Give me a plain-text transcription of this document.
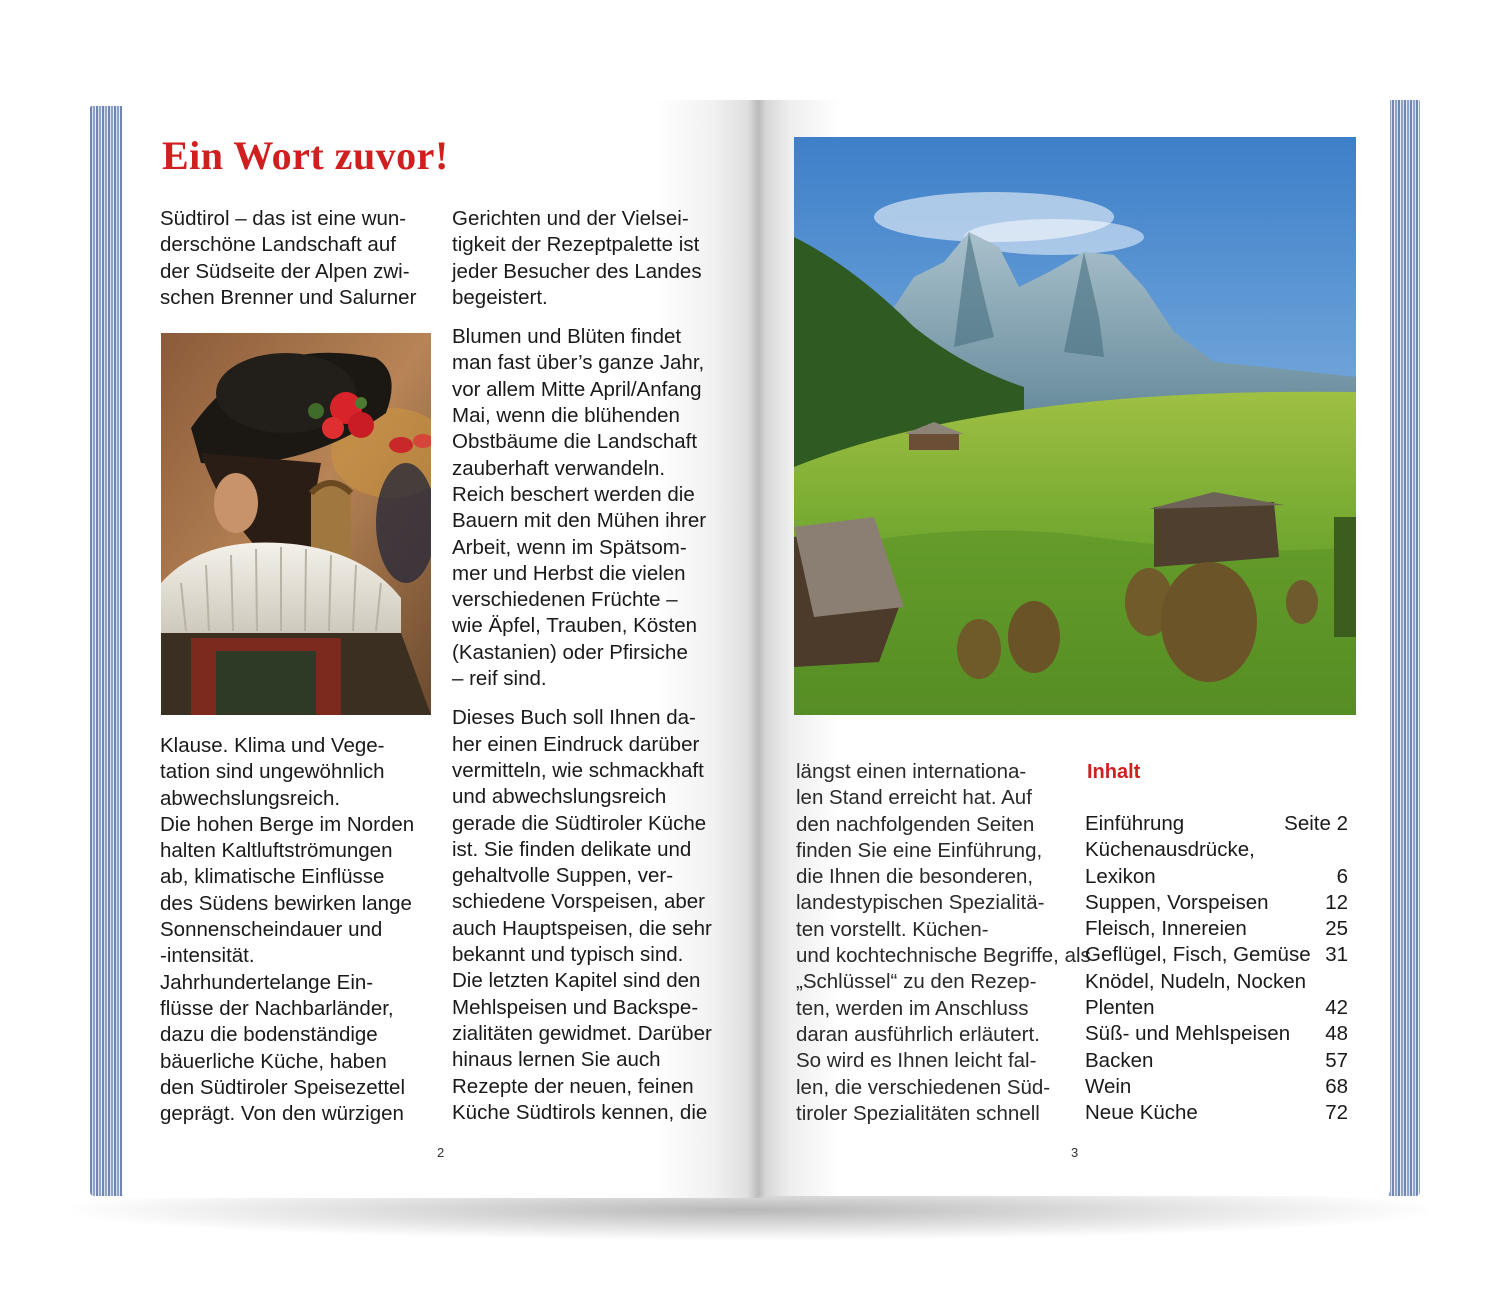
Ein Wort zuvor!
Südtirol – das ist eine wun-
derschöne Landschaft auf
der Südseite der Alpen zwi-
schen Brenner und Salurner
Klause. Klima und Vege-
tation sind ungewöhnlich
abwechslungsreich.
Die hohen Berge im Norden
halten Kaltluftströmungen
ab, klimatische Einflüsse
des Südens bewirken lange
Sonnenscheindauer und
-intensität.
Jahrhundertelange Ein-
flüsse der Nachbarländer,
dazu die bodenständige
bäuerliche Küche, haben
den Südtiroler Speisezettel
geprägt. Von den würzigen
Gerichten und der Vielsei-
tigkeit der Rezeptpalette ist
jeder Besucher des Landes
begeistert.
Blumen und Blüten findet
man fast über’s ganze Jahr,
vor allem Mitte April/Anfang
Mai, wenn die blühenden
Obstbäume die Landschaft
zauberhaft verwandeln.
Reich beschert werden die
Bauern mit den Mühen ihrer
Arbeit, wenn im Spätsom-
mer und Herbst die vielen
verschiedenen Früchte –
wie Äpfel, Trauben, Kösten
(Kastanien) oder Pfirsiche
– reif sind.
Dieses Buch soll Ihnen da-
her einen Eindruck darüber
vermitteln, wie schmackhaft
und abwechslungsreich
gerade die Südtiroler Küche
ist. Sie finden delikate und
gehaltvolle Suppen, ver-
schiedene Vorspeisen, aber
auch Hauptspeisen, die sehr
bekannt und typisch sind.
Die letzten Kapitel sind den
Mehlspeisen und Backspe-
zialitäten gewidmet. Darüber
hinaus lernen Sie auch
Rezepte der neuen, feinen
Küche Südtirols kennen, die
2
längst einen internationa-
len Stand erreicht hat. Auf
den nachfolgenden Seiten
finden Sie eine Einführung,
die Ihnen die besonderen,
landestypischen Spezialitä-
ten vorstellt. Küchen-
und kochtechnische Begriffe, als
„Schlüssel“ zu den Rezep-
ten, werden im Anschluss
daran ausführlich erläutert.
So wird es Ihnen leicht fal-
len, die verschiedenen Süd-
tiroler Spezialitäten schnell
Inhalt
Einführung	Seite 2
Küchenausdrücke,
Lexikon	6
Suppen, Vorspeisen	12
Fleisch, Innereien	25
Geflügel, Fisch, Gemüse 31
Knödel, Nudeln, Nocken
Plenten	42
Süß- und Mehlspeisen 48
Backen	57
Wein	68
Neue Küche	72
3
